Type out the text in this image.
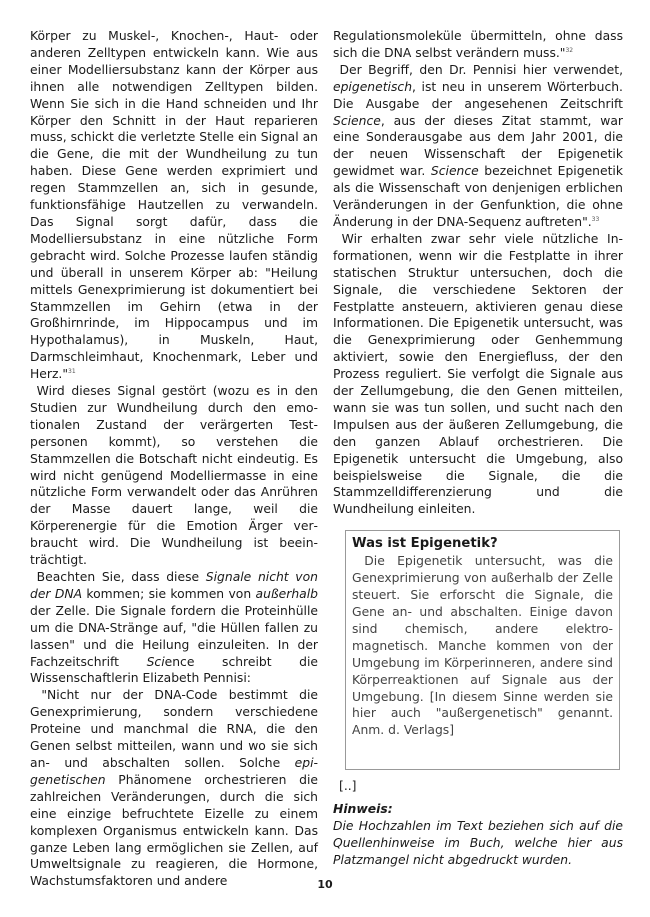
Körper zu Muskel-, Knochen-, Haut- oder anderen Zelltypen entwickeln kann. Wie aus einer Modelliersubstanz kann der Körper aus ihnen alle notwendigen Zelltypen bilden. Wenn Sie sich in die Hand schneiden und Ihr Körper den Schnitt in der Haut reparieren muss, schickt die verletzte Stelle ein Signal an die Gene, die mit der Wundheilung zu tun haben. Diese Gene werden exprimiert und regen Stammzellen an, sich in gesunde, funktionsfähige Hautzellen zu verwandeln. Das Signal sorgt dafür, dass die Modelliersubstanz in eine nützliche Form gebracht wird. Solche Prozesse laufen ständig und überall in unserem Körper ab: "Heilung mittels Genexprimierung ist dokumentiert bei Stammzellen im Gehirn (etwa in der Großhirnrinde, im Hippocampus und im Hypothalamus), in Muskeln, Haut, Darmschleimhaut, Knochenmark, Leber und Herz."$^{31}$

Wird dieses Signal gestört (wozu es in den Studien zur Wundheilung durch den emotionalen Zustand der verärgerten Testpersonen kommt), so verstehen die Stammzellen die Botschaft nicht eindeutig. Es wird nicht genügend Modelliermasse in eine nützliche Form verwandelt oder das Anrühren der Masse dauert lange, weil die Körperenergie für die Emotion Ärger verbraucht wird. Die Wundheilung ist beeinträchtigt.

Beachten Sie, dass diese Signale nicht von der DNA kommen; sie kommen von außerhalb der Zelle. Die Signale fordern die Proteinhülle um die DNA-Stränge auf, "die Hüllen fallen zu lassen" und die Heilung einzuleiten. In der Fachzeitschrift Science schreibt die Wissenschaftlerin Elizabeth Pennisi:

"Nicht nur der DNA-Code bestimmt die Genexprimierung, sondern verschiedene Proteine und manchmal die RNA, die den Genen selbst mitteilen, wann und wo sie sich an- und abschalten sollen. Solche epigenetischen Phänomene orchestrieren die zahlreichen Veränderungen, durch die sich eine einzige befruchtete Eizelle zu einem komplexen Organismus entwickeln kann. Das ganze Leben lang ermöglichen sie Zellen, auf Umweltsignale zu reagieren, die Hormone, Wachstumsfaktoren und andere

Regulationsmoleküle übermitteln, ohne dass sich die DNA selbst verändern muss."$^{32}$

Der Begriff, den Dr. Pennisi hier verwendet, epigenetisch, ist neu in unserem Wörterbuch. Die Ausgabe der angesehenen Zeitschrift Science, aus der dieses Zitat stammt, war eine Sonderausgabe aus dem Jahr 2001, die der neuen Wissenschaft der Epigenetik gewidmet war. Science bezeichnet Epigenetik als die Wissenschaft von denjenigen erblichen Veränderungen in der Genfunktion, die ohne Änderung in der DNA-Sequenz auftreten".$^{33}$

Wir erhalten zwar sehr viele nützliche Informationen, wenn wir die Festplatte in ihrer statischen Struktur untersuchen, doch die Signale, die verschiedene Sektoren der Festplatte ansteuern, aktivieren genau diese Informationen. Die Epigenetik untersucht, was die Genexprimierung oder Genhemmung aktiviert, sowie den Energiefluss, der den Prozess reguliert. Sie verfolgt die Signale aus der Zellumgebung, die den Genen mitteilen, wann sie was tun sollen, und sucht nach den Impulsen aus der äußeren Zellumgebung, die den ganzen Ablauf orchestrieren. Die Epigenetik untersucht die Umgebung, also beispielsweise die Signale, die die Stammzelldifferenzierung und die Wundheilung einleiten.

Was ist Epigenetik?
Die Epigenetik untersucht, was die Genexprimierung von außerhalb der Zelle steuert. Sie erforscht die Signale, die Gene an- und abschalten. Einige davon sind chemisch, andere elektromagnetisch. Manche kommen von der Umgebung im Körperinneren, andere sind Körperreaktionen auf Signale aus der Umgebung. [In diesem Sinne werden sie hier auch "außergenetisch" genannt. Anm. d. Verlags]
[..]
Hinweis:
Die Hochzahlen im Text beziehen sich auf die Quellenhinweise im Buch, welche hier aus Platzmangel nicht abgedruckt wurden.
10
